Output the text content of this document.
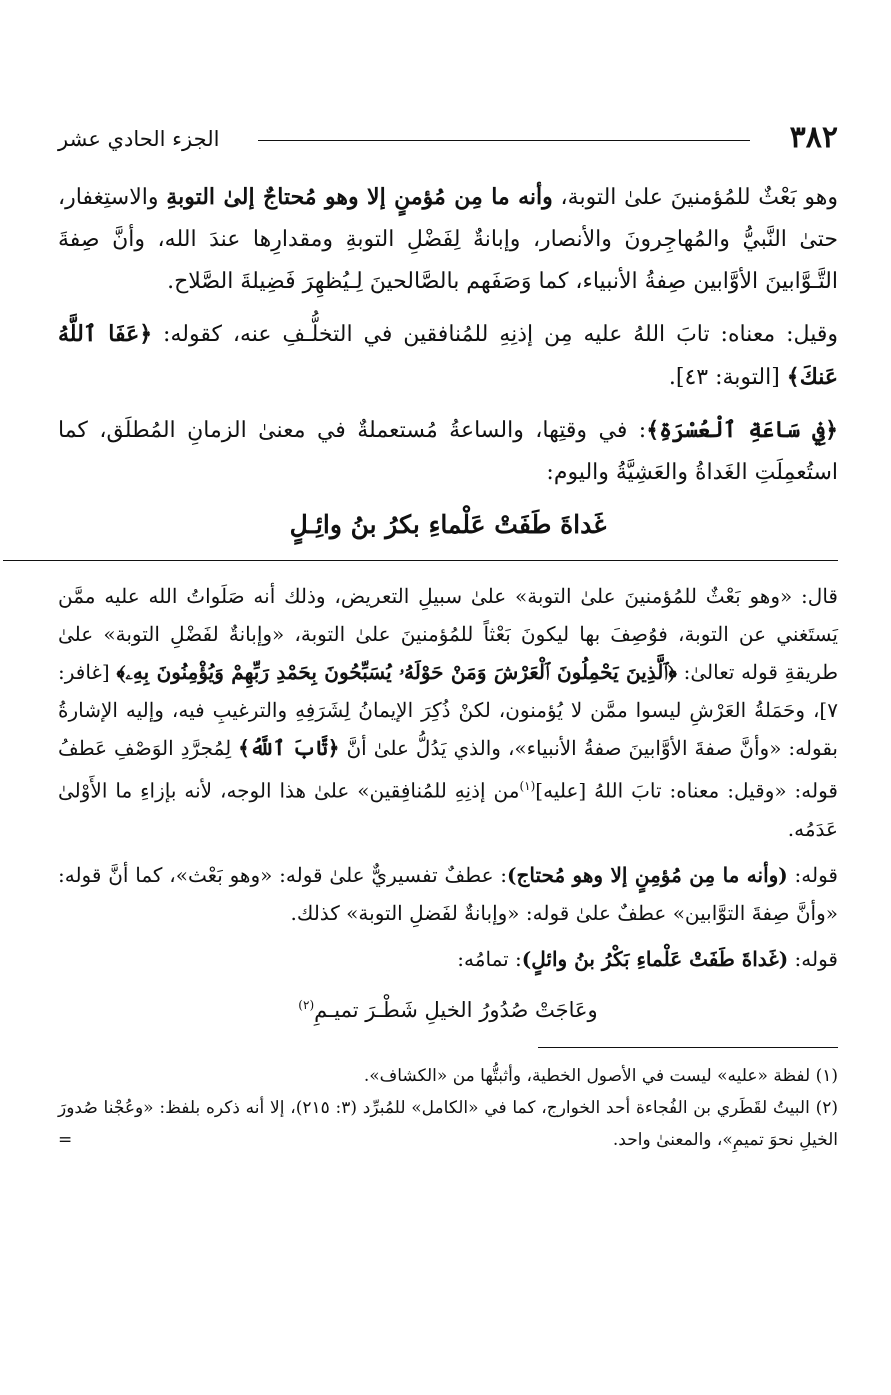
٣٨٢
الجزء الحادي عشر

وهو بَعْثٌ للمُؤمنينَ علىٰ التوبة، وأنه ما مِن مُؤمنٍ إلا وهو مُحتاجٌ إلىٰ التوبةِ والاستِغفار، حتىٰ النَّبيُّ والمُهاجِرونَ والأنصار، وإبانةٌ لِفَضْلِ التوبةِ ومقدارِها عندَ الله، وأنَّ صِفةَ التَّـوَّابينَ الأوَّابين صِفةُ الأنبياء، كما وَصَفَهم بالصَّالحينَ لِـيُظهِرَ فَضِيلةَ الصَّلاح.

وقيل: معناه: تابَ اللهُ عليه مِن إذنِهِ للمُنافقين في التخلُّـفِ عنه، كقوله: ﴿عَفَا ٱللَّهُ عَنكَ﴾ [التوبة: ٤٣].

﴿فِي سَاعَةِ ٱلْعُسْرَةِ﴾: في وقتِها، والساعةُ مُستعملةٌ في معنىٰ الزمانِ المُطلَق، كما استُعمِلَتِ الغَداةُ والعَشِيَّةُ واليوم:

غَداةَ طَفَتْ عَلْماءِ بكرُ بنُ وائِـلٍ

قال: «وهو بَعْثٌ للمُؤمنينَ علىٰ التوبة» علىٰ سبيلِ التعريض، وذلك أنه صَلَواتُ الله عليه ممَّن يَستَغني عن التوبة، فوُصِفَ بها ليكونَ بَعْثاً للمُؤمنينَ علىٰ التوبة، «وإبانةٌ لفَضْلِ التوبة» علىٰ طريقةِ قوله تعالىٰ: ﴿ٱلَّذِينَ يَحْمِلُونَ ٱلْعَرْشَ وَمَنْ حَوْلَهُۥ يُسَبِّحُونَ بِحَمْدِ رَبِّهِمْ وَيُؤْمِنُونَ بِهِۦ﴾ [غافر: ٧]، وحَمَلةُ العَرْشِ ليسوا ممَّن لا يُؤمنون، لكنْ ذُكِرَ الإيمانُ لِشَرَفِهِ والترغيبِ فيه، وإليه الإشارةُ بقوله: «وأنَّ صفةَ الأوَّابينَ صفةُ الأنبياء»، والذي يَدُلُّ علىٰ أنَّ ﴿تَّابَ ٱللَّهُ﴾ لِمُجرَّدِ الوَصْفِ عَطفُ قوله: «وقيل: معناه: تابَ اللهُ [عليه]$^{(١)}$من إذنِهِ للمُنافِقين» علىٰ هذا الوجه، لأنه بإزاءِ ما الأَوْلىٰ عَدَمُه.

قوله: (وأنه ما مِن مُؤمِنٍ إلا وهو مُحتاج): عطفٌ تفسيريٌّ علىٰ قوله: «وهو بَعْث»، كما أنَّ قوله: «وأنَّ صِفةَ التوَّابين» عطفٌ علىٰ قوله: «وإبانةٌ لفَضلِ التوبة» كذلك.

قوله: (غَداةَ طَفَتْ عَلْماءِ بَكْرُ بنُ وائلٍ): تمامُه:

وعَاجَتْ صُدُورُ الخيلِ شَطْـرَ تميـمِ$^{(٢)}$

(١) لفظة «عليه» ليست في الأصول الخطية، وأثبتُّها من «الكشاف».

(٢) البيتُ لقَطَري بن الفُجاءة أحد الخوارج، كما في «الكامل» للمُبرِّد (٣: ٢١٥)، إلا أنه ذكره بلفظ: «وعُجْنا صُدورَ الخيلِ نحوَ تميمِ»، والمعنىٰ واحد.
=
